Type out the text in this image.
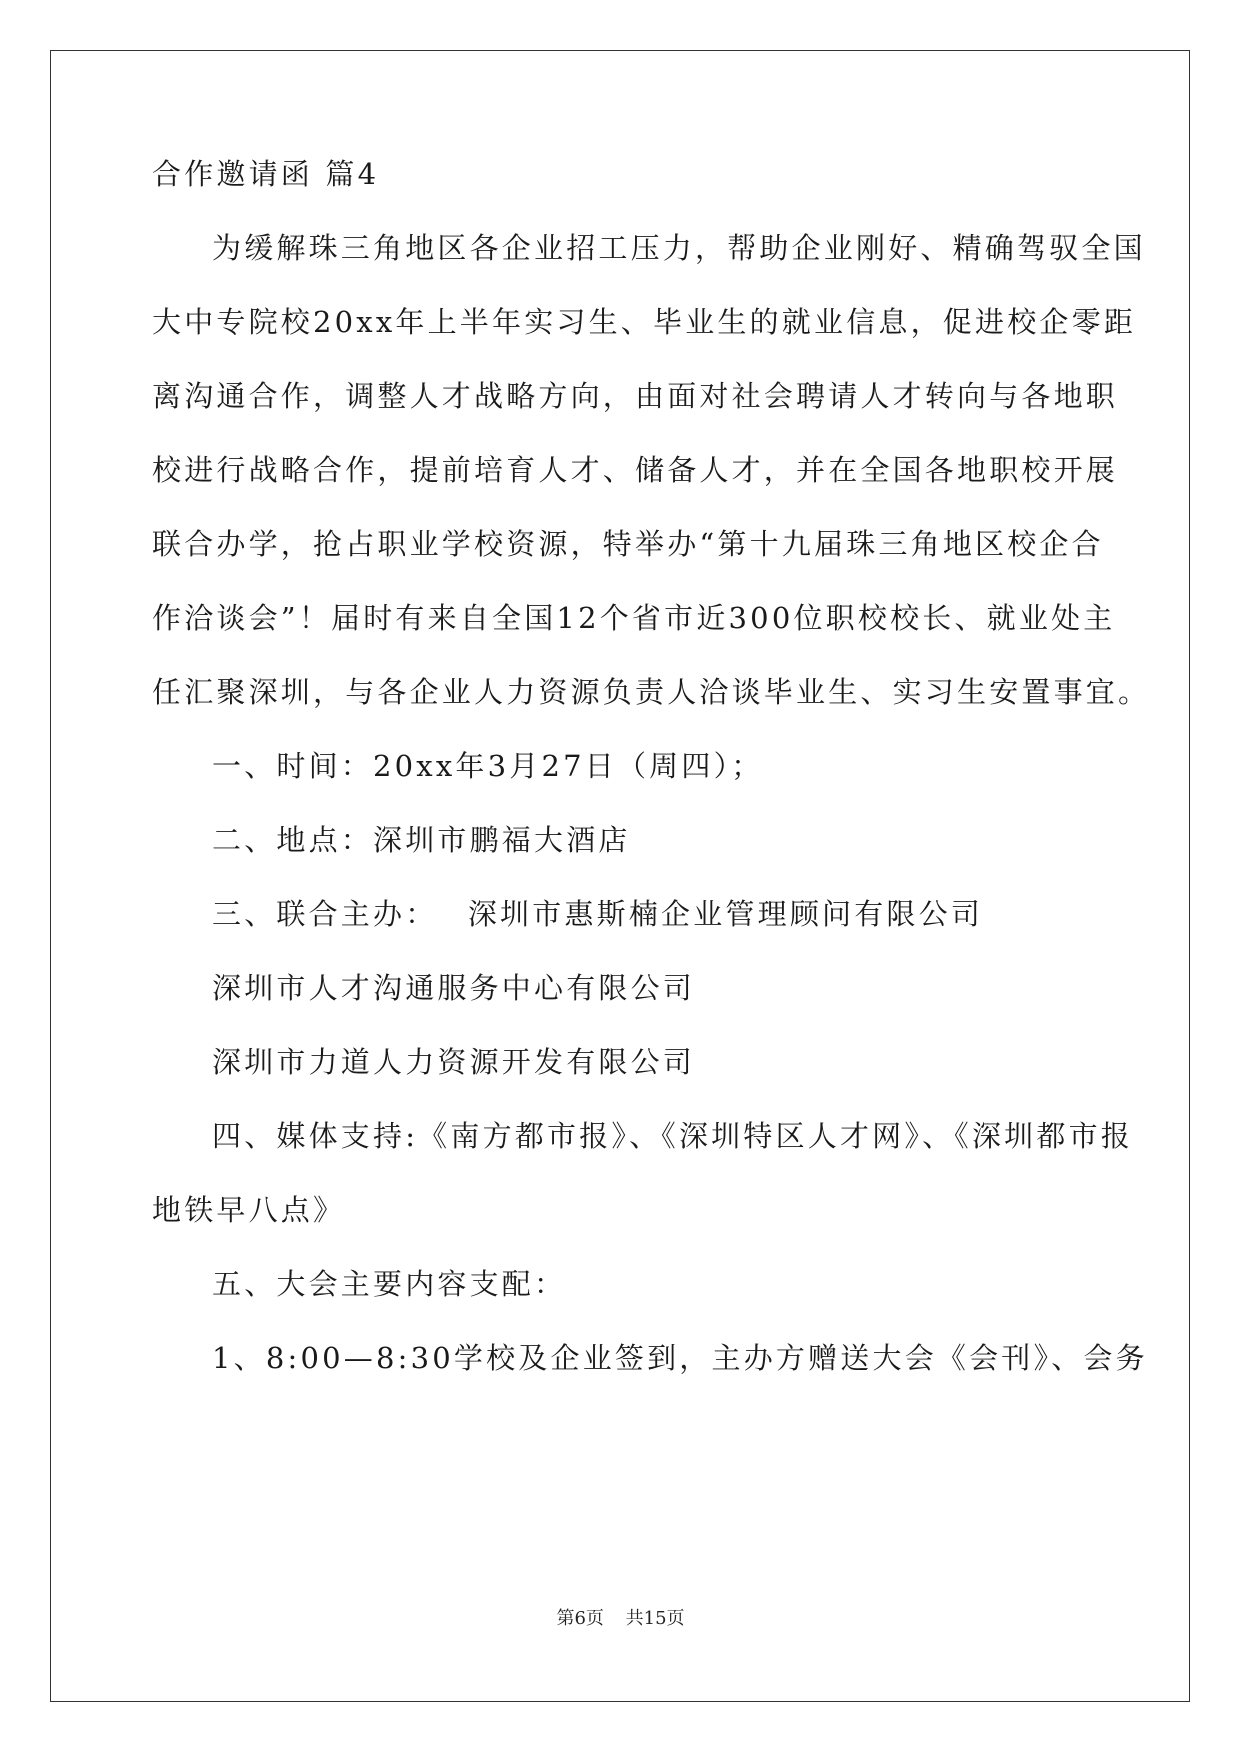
合作邀请函 篇4
为缓解珠三角地区各企业招工压力，帮助企业刚好、精确驾驭全国
大中专院校20xx年上半年实习生、毕业生的就业信息，促进校企零距
离沟通合作，调整人才战略方向，由面对社会聘请人才转向与各地职
校进行战略合作，提前培育人才、储备人才，并在全国各地职校开展
联合办学，抢占职业学校资源，特举办“第十九届珠三角地区校企合
作洽谈会”！届时有来自全国12个省市近300位职校校长、就业处主
任汇聚深圳，与各企业人力资源负责人洽谈毕业生、实习生安置事宜。
一、时间：20xx年3月27日（周四）；
二、地点：深圳市鹏福大酒店
三、联合主办： 深圳市惠斯楠企业管理顾问有限公司
深圳市人才沟通服务中心有限公司
深圳市力道人力资源开发有限公司
四、媒体支持:《南方都市报》、《深圳特区人才网》、《深圳都市报
地铁早八点》
五、大会主要内容支配：
1、8:00—8:30学校及企业签到，主办方赠送大会《会刊》、会务
第6页 共15页
